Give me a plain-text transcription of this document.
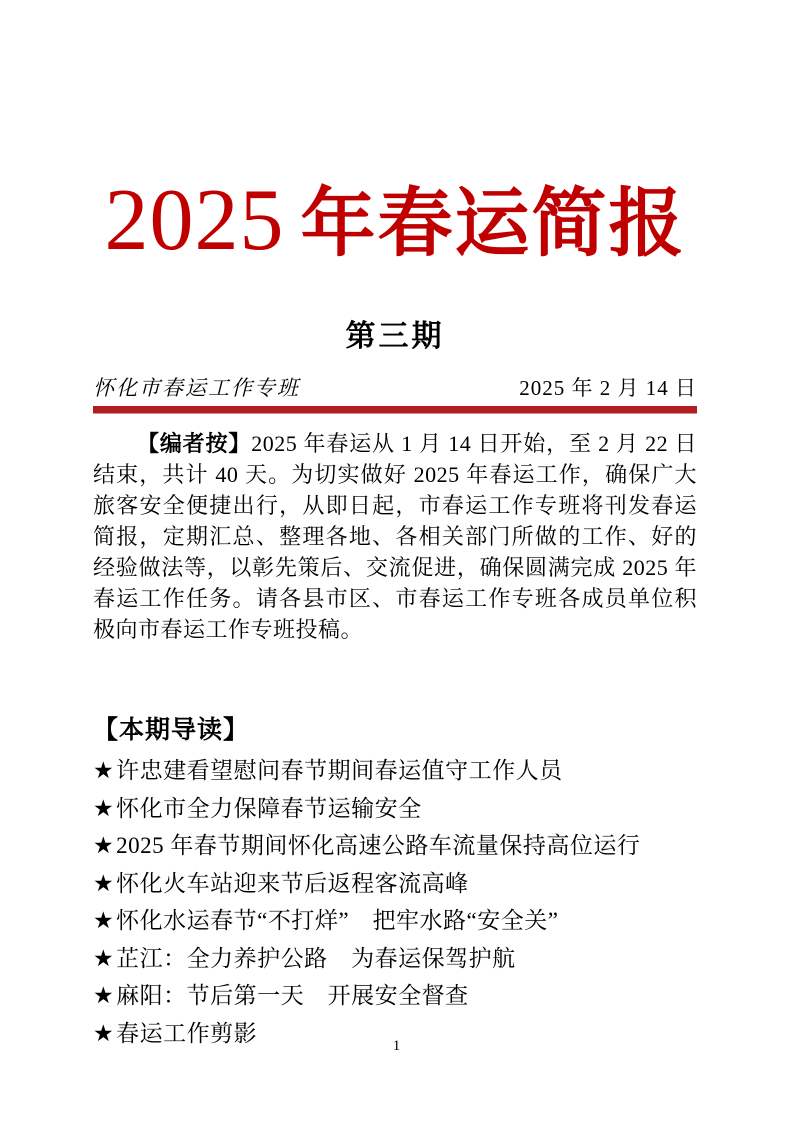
2025 年春运简报
第三期
怀化市春运工作专班	2025 年 2 月 14 日

【编者按】2025 年春运从 1 月 14 日开始，至 2 月 22 日结束，共计 40 天。为切实做好 2025 年春运工作，确保广大旅客安全便捷出行，从即日起，市春运工作专班将刊发春运简报，定期汇总、整理各地、各相关部门所做的工作、好的经验做法等，以彰先策后、交流促进，确保圆满完成 2025 年春运工作任务。请各县市区、市春运工作专班各成员单位积极向市春运工作专班投稿。

【本期导读】
★许忠建看望慰问春节期间春运值守工作人员
★怀化市全力保障春节运输安全
★2025 年春节期间怀化高速公路车流量保持高位运行
★怀化火车站迎来节后返程客流高峰
★怀化水运春节“不打烊”　把牢水路“安全关”
★芷江：全力养护公路　为春运保驾护航
★麻阳：节后第一天　开展安全督查
★春运工作剪影
1
